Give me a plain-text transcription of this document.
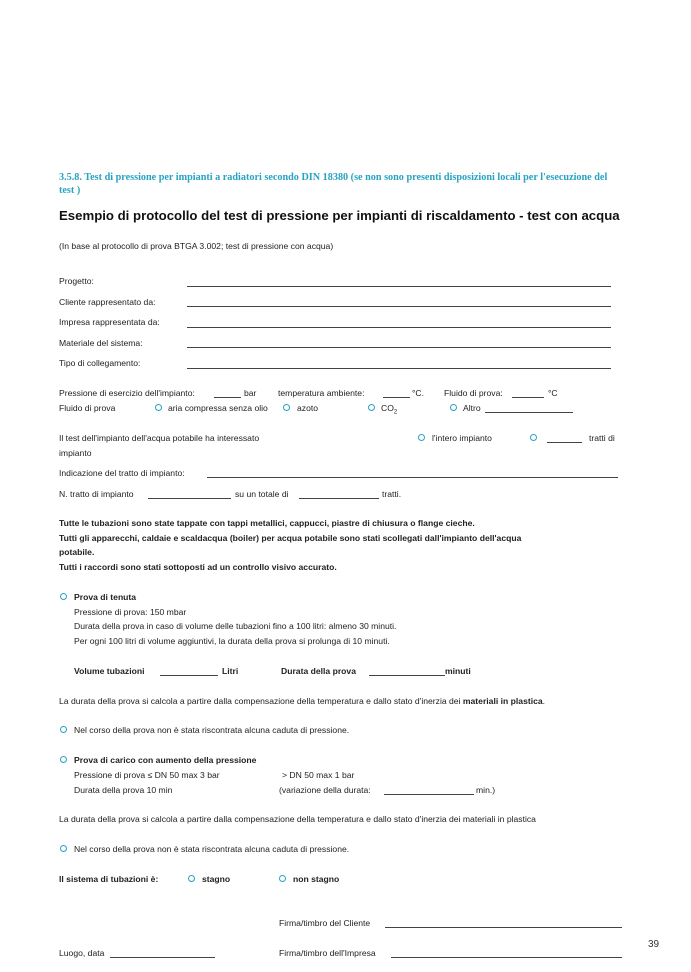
3.5.8. Test di pressione per impianti a radiatori secondo DIN 18380 (se non sono presenti disposizioni locali per l'esecuzione del test )
Esempio di protocollo del test di pressione per impianti di riscaldamento - test con acqua
(In base al protocollo di prova BTGA 3.002; test di pressione con acqua)
Progetto:
Cliente rappresentato da:
Impresa rappresentata da:
Materiale del sistema:
Tipo di collegamento:
Pressione di esercizio dell'impianto:	bar	temperatura ambiente:	°C. Fluido di prova:	°C
Fluido di prova	aria compressa senza olio	azoto	$CO_2$	Altro
Il test dell'impianto dell'acqua potabile ha interessato	l'intero impianto	tratti di
impianto
Indicazione del tratto di impianto:
N. tratto di impianto	su un totale di	tratti.
Tutte le tubazioni sono state tappate con tappi metallici, cappucci, piastre di chiusura o flange cieche.
Tutti gli apparecchi, caldaie e scaldacqua (boiler) per acqua potabile sono stati scollegati dall'impianto dell'acqua
potabile.
Tutti i raccordi sono stati sottoposti ad un controllo visivo accurato.
Prova di tenuta
Pressione di prova: 150 mbar
Durata della prova in caso di volume delle tubazioni fino a 100 litri: almeno 30 minuti.
Per ogni 100 litri di volume aggiuntivi, la durata della prova si prolunga di 10 minuti.
Volume tubazioni	Litri	Durata della prova	minuti
La durata della prova si calcola a partire dalla compensazione della temperatura e dallo stato d'inerzia dei materiali in plastica.
Nel corso della prova non è stata riscontrata alcuna caduta di pressione.
Prova di carico con aumento della pressione
Pressione di prova ≤ DN 50 max 3 bar	> DN 50 max 1 bar
Durata della prova 10 min	(variazione della durata:	min.)
La durata della prova si calcola a partire dalla compensazione della temperatura e dallo stato d'inerzia dei materiali in plastica
Nel corso della prova non è stata riscontrata alcuna caduta di pressione.
Il sistema di tubazioni è:	stagno	non stagno
Firma/timbro del Cliente
Luogo, data	Firma/timbro dell'Impresa
39
